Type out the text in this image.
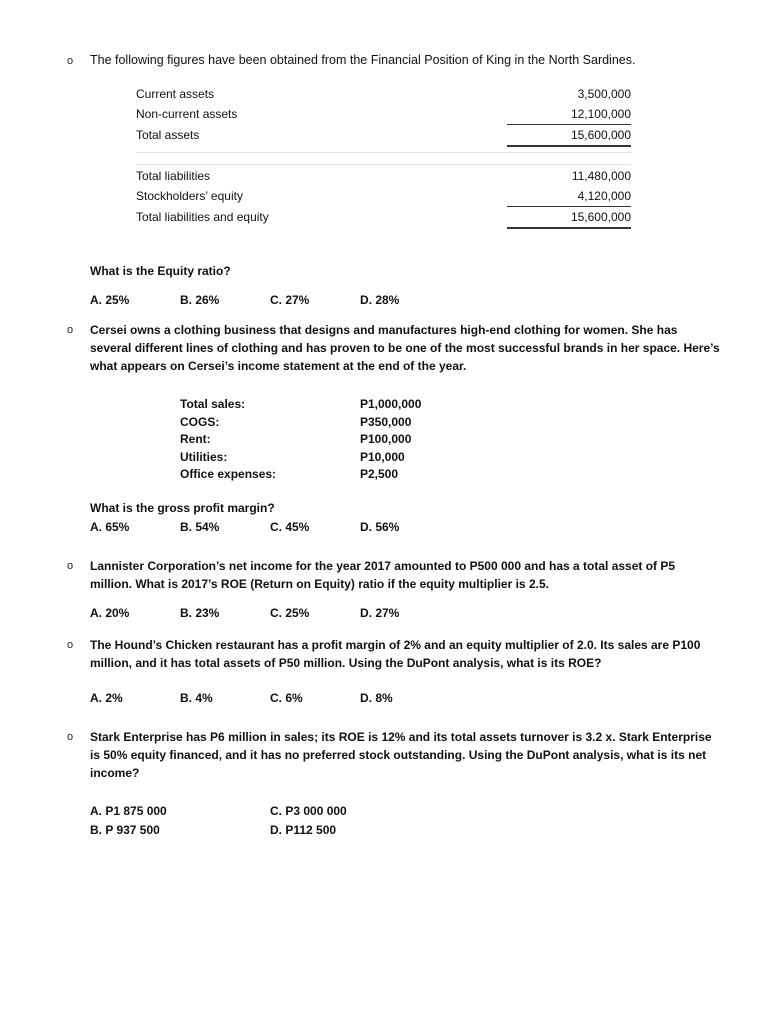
o The following figures have been obtained from the Financial Position of King in the North Sardines.
Current assets	3,500,000
Non-current assets	12,100,000
Total assets	15,600,000
Total liabilities	11,480,000
Stockholders’ equity	4,120,000
Total liabilities and equity	15,600,000
What is the Equity ratio?
A. 25%	B. 26%	C. 27%	D. 28%
o Cersei owns a clothing business that designs and manufactures high-end clothing for women. She has several different lines of clothing and has proven to be one of the most successful brands in her space. Here’s what appears on Cersei’s income statement at the end of the year.
Total sales:	P1,000,000
COGS:	P350,000
Rent:	P100,000
Utilities:	P10,000
Office expenses:	P2,500
What is the gross profit margin?
A. 65%	B. 54%	C. 45%	D. 56%
o Lannister Corporation’s net income for the year 2017 amounted to P500 000 and has a total asset of P5 million. What is 2017’s ROE (Return on Equity) ratio if the equity multiplier is 2.5.
A. 20%	B. 23%	C. 25%	D. 27%
o The Hound’s Chicken restaurant has a profit margin of 2% and an equity multiplier of 2.0. Its sales are P100 million, and it has total assets of P50 million. Using the DuPont analysis, what is its ROE?
A. 2%	B. 4%	C. 6%	D. 8%
o Stark Enterprise has P6 million in sales; its ROE is 12% and its total assets turnover is 3.2 x. Stark Enterprise is 50% equity financed, and it has no preferred stock outstanding. Using the DuPont analysis, what is its net income?
A. P1 875 000
B. P 937 500
C. P3 000 000
D. P112 500
